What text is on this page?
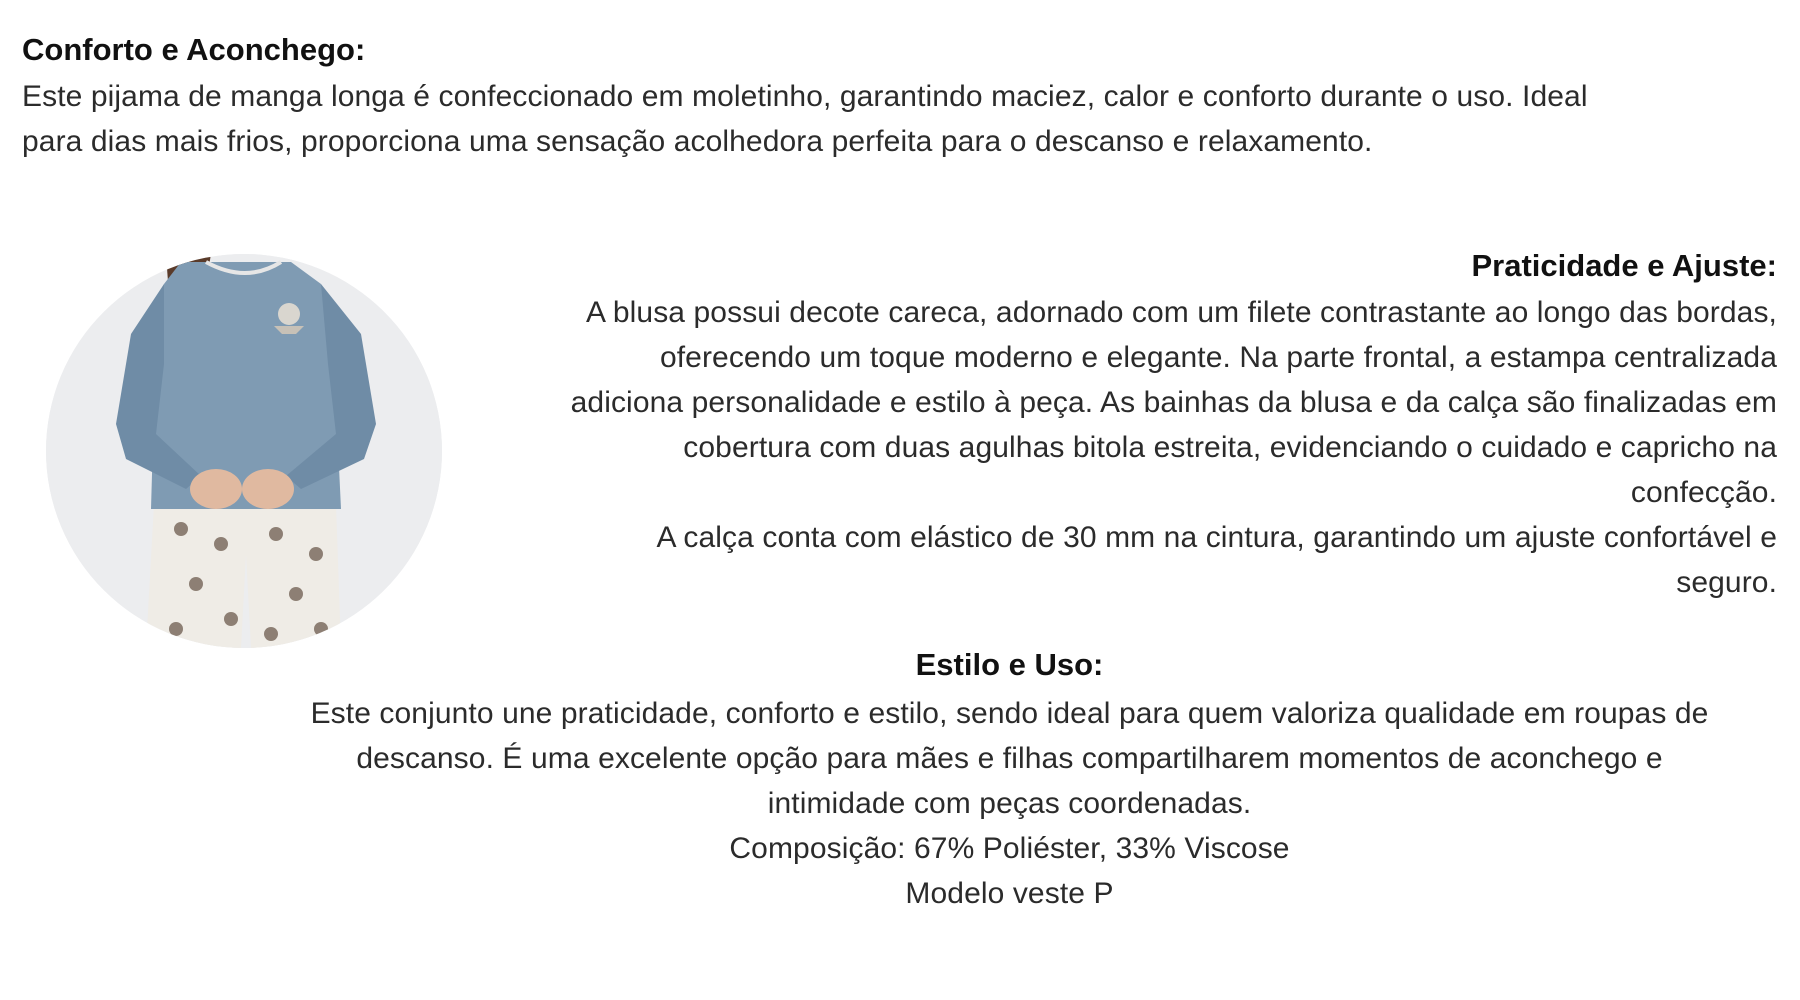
Conforto e Aconchego:

Este pijama de manga longa é confeccionado em moletinho, garantindo maciez, calor e conforto durante o uso. Ideal

para dias mais frios, proporciona uma sensação acolhedora perfeita para o descanso e relaxamento.

Praticidade e Ajuste:

A blusa possui decote careca, adornado com um filete contrastante ao longo das bordas,

oferecendo um toque moderno e elegante. Na parte frontal, a estampa centralizada

adiciona personalidade e estilo à peça. As bainhas da blusa e da calça são finalizadas em

cobertura com duas agulhas bitola estreita, evidenciando o cuidado e capricho na

confecção.

A calça conta com elástico de 30 mm na cintura, garantindo um ajuste confortável e

seguro.

Estilo e Uso:

Este conjunto une praticidade, conforto e estilo, sendo ideal para quem valoriza qualidade em roupas de

descanso. É uma excelente opção para mães e filhas compartilharem momentos de aconchego e

intimidade com peças coordenadas.

Composição: 67% Poliéster, 33% Viscose

Modelo veste P
